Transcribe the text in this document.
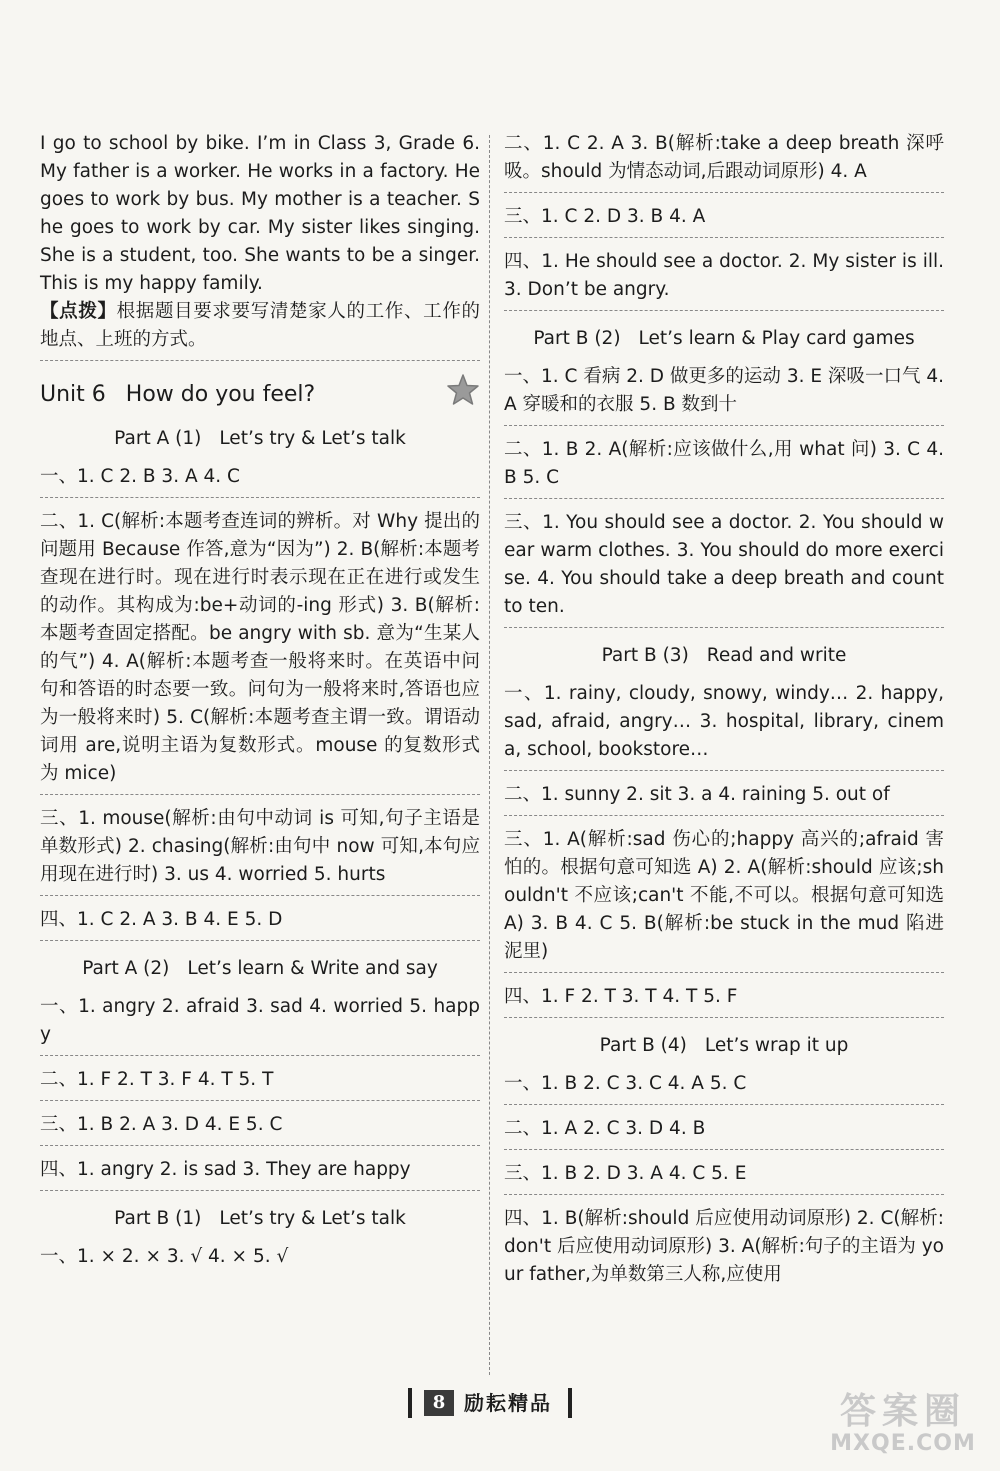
I go to school by bike. I’m in Class 3, Grade 6. My father is a worker. He works in a factory. He goes to work by bus. My mother is a teacher. She goes to work by car. My sister likes singing. She is a student, too. She wants to be a singer. This is my happy family.

【点拨】根据题目要求要写清楚家人的工作、工作的地点、上班的方式。

Unit 6 How do you feel?
Part A (1) Let’s try & Let’s talk

一、1. C 2. B 3. A 4. C

二、1. C(解析:本题考查连词的辨析。对 Why 提出的问题用 Because 作答,意为“因为”) 2. B(解析:本题考查现在进行时。现在进行时表示现在正在进行或发生的动作。其构成为:be+动词的-ing 形式) 3. B(解析:本题考查固定搭配。be angry with sb. 意为“生某人的气”) 4. A(解析:本题考查一般将来时。在英语中问句和答语的时态要一致。问句为一般将来时,答语也应为一般将来时) 5. C(解析:本题考查主谓一致。谓语动词用 are,说明主语为复数形式。mouse 的复数形式为 mice)

三、1. mouse(解析:由句中动词 is 可知,句子主语是单数形式) 2. chasing(解析:由句中 now 可知,本句应用现在进行时) 3. us 4. worried 5. hurts

四、1. C 2. A 3. B 4. E 5. D

Part A (2) Let’s learn & Write and say

一、1. angry 2. afraid 3. sad 4. worried 5. happy

二、1. F 2. T 3. F 4. T 5. T

三、1. B 2. A 3. D 4. E 5. C

四、1. angry 2. is sad 3. They are happy

Part B (1) Let’s try & Let’s talk

一、1. × 2. × 3. √ 4. × 5. √

二、1. C 2. A 3. B(解析:take a deep breath 深呼吸。should 为情态动词,后跟动词原形) 4. A

三、1. C 2. D 3. B 4. A

四、1. He should see a doctor. 2. My sister is ill. 3. Don’t be angry.

Part B (2) Let’s learn & Play card games

一、1. C 看病 2. D 做更多的运动 3. E 深吸一口气 4. A 穿暖和的衣服 5. B 数到十

二、1. B 2. A(解析:应该做什么,用 what 问) 3. C 4. B 5. C

三、1. You should see a doctor. 2. You should wear warm clothes. 3. You should do more exercise. 4. You should take a deep breath and count to ten.

Part B (3) Read and write

一、1. rainy, cloudy, snowy, windy… 2. happy, sad, afraid, angry… 3. hospital, library, cinema, school, bookstore…

二、1. sunny 2. sit 3. a 4. raining 5. out of

三、1. A(解析:sad 伤心的;happy 高兴的;afraid 害怕的。根据句意可知选 A) 2. A(解析:should 应该;shouldn't 不应该;can't 不能,不可以。根据句意可知选 A) 3. B 4. C 5. B(解析:be stuck in the mud 陷进泥里)

四、1. F 2. T 3. T 4. T 5. F

Part B (4) Let’s wrap it up

一、1. B 2. C 3. C 4. A 5. C

二、1. A 2. C 3. D 4. B

三、1. B 2. D 3. A 4. C 5. E

四、1. B(解析:should 后应使用动词原形) 2. C(解析:don't 后应使用动词原形) 3. A(解析:句子的主语为 your father,为单数第三人称,应使用

8 励耘精品	答案圈
MXQE.COM
